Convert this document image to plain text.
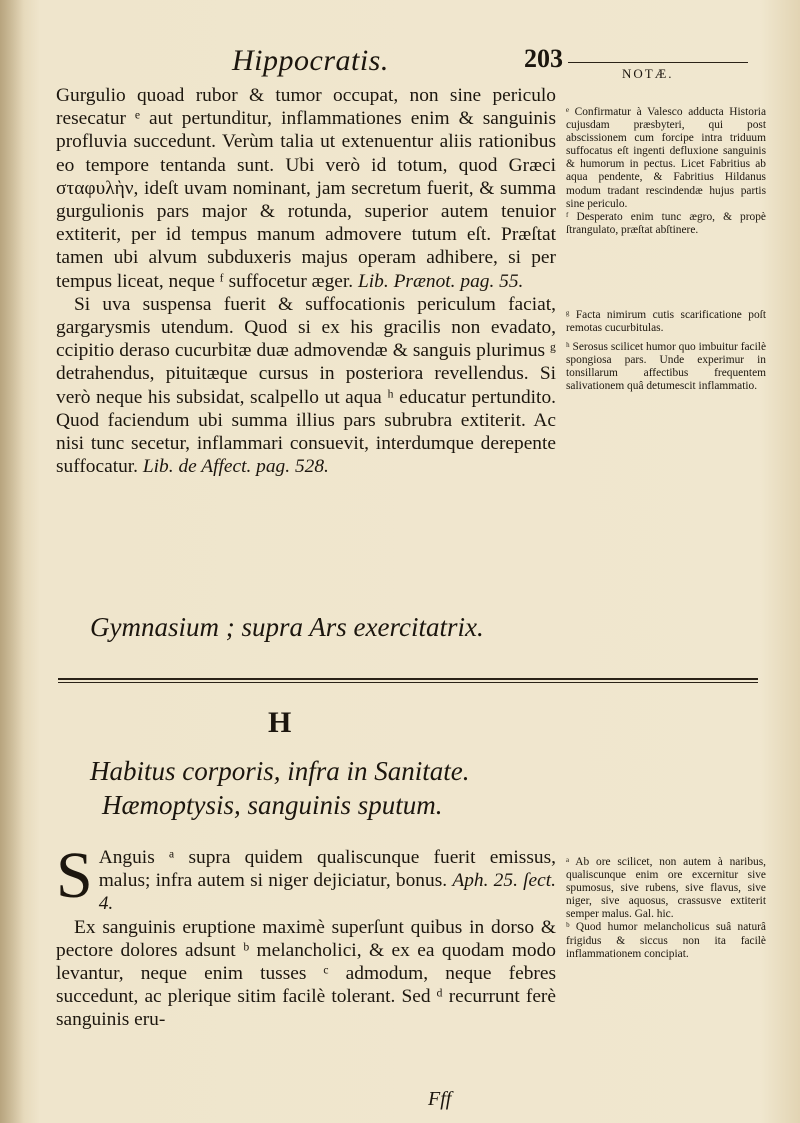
Hippocratis.	203
NOTÆ.

Gurgulio quoad rubor & tumor occupat, non sine periculo resecatur ᵉ aut pertunditur, inflammationes enim & sanguinis profluvia succedunt. Verùm talia ut extenuentur aliis rationibus eo tempore tentanda sunt. Ubi verò id totum, quod Græci σταφυλὴν, ideſt uvam nominant, jam secretum fuerit, & summa gurgulionis pars major & rotunda, superior autem tenuior extiterit, per id tempus manum admovere tutum eſt. Præſtat tamen ubi alvum subduxeris majus operam adhibere, si per tempus liceat, neque ᶠ suffocetur æger. Lib. Prænot. pag. 55.

Si uva suspensa fuerit & suffocationis periculum faciat, gargarysmis utendum. Quod si ex his gracilis non evadato, ccipitio deraso cucurbitæ duæ admovendæ & sanguis plurimus ᵍ detrahendus, pituitæque cursus in posteriora revellendus. Si verò neque his subsidat, scalpello ut aqua ʰ educatur pertundito. Quod faciendum ubi summa illius pars subrubra extiterit. Ac nisi tunc secetur, inflammari consuevit, interdumque derepente suffocatur. Lib. de Affect. pag. 528.

ᵉ Confirmatur à Valesco adducta Historia cujusdam præsbyteri, qui post abscissionem cum forcipe intra triduum suffocatus eſt ingenti defluxione sanguinis & humorum in pectus. Licet Fabritius ab aqua pendente, & Fabritius Hildanus modum tradant rescindendæ hujus partis sine periculo.

ᶠ Desperato enim tunc ægro, & propè ſtrangulato, præſtat abſtinere.

ᵍ Facta nimirum cutis scarificatione poſt remotas cucurbitulas.

ʰ Serosus scilicet humor quo imbuitur facilè spongiosa pars. Unde experimur in tonsillarum affectibus frequentem salivationem quâ detumescit inflammatio.

Gymnasium ; supra Ars exercitatrix.
H
Habitus corporis, infra in Sanitate.
Hæmoptysis, sanguinis sputum.

S Anguis ᵃ supra quidem qualiscunque fuerit emissus, malus; infra autem si niger dejiciatur, bonus. Aph. 25. ſect. 4.

Ex sanguinis eruptione maximè superſunt quibus in dorso & pectore dolores adsunt ᵇ melancholici, & ex ea quodam modo levantur, neque enim tusses ᶜ admodum, neque febres succedunt, ac plerique sitim facilè tolerant. Sed ᵈ recurrunt ferè sanguinis eru-

ᵃ Ab ore scilicet, non autem à naribus, qualiscunque enim ore excernitur sive spumosus, sive rubens, sive flavus, sive niger, sive aquosus, crassusve extiterit semper malus. Gal. hic.

ᵇ Quod humor melancholicus suâ naturâ frigidus & siccus non ita facilè inflammationem concipiat.

Fff
